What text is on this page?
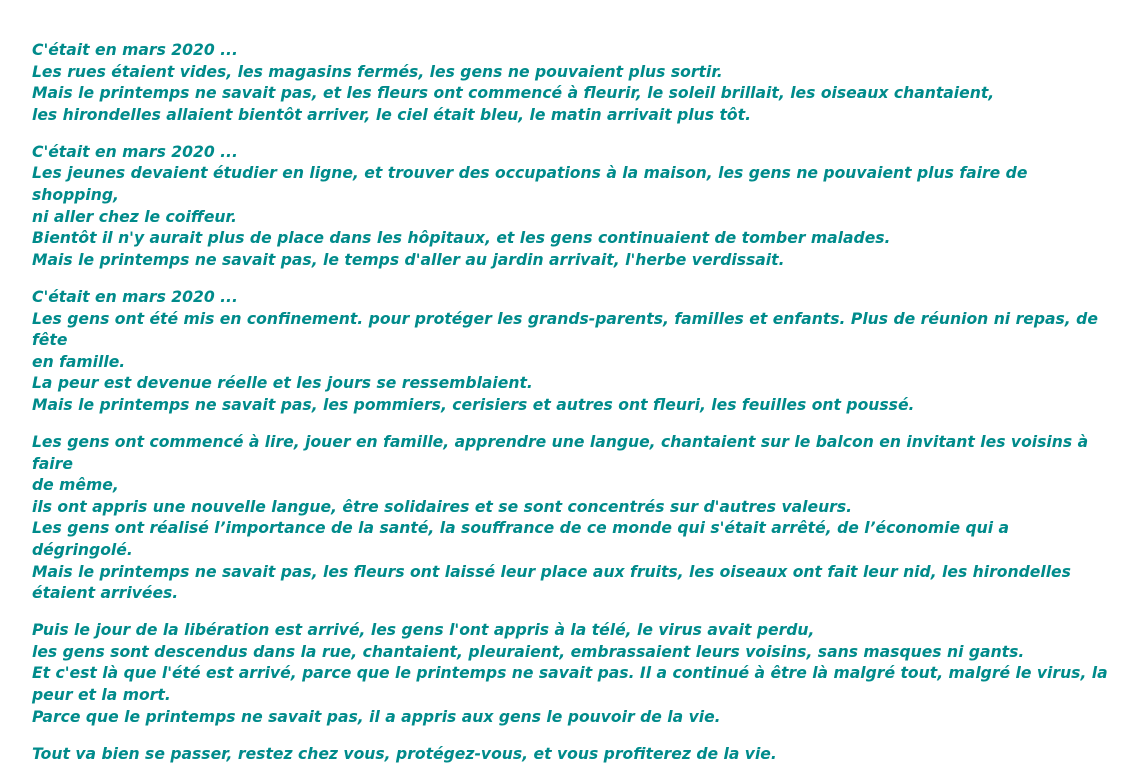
C'était en mars 2020 ...

Les rues étaient vides, les magasins fermés, les gens ne pouvaient plus sortir.

Mais le printemps ne savait pas, et les fleurs ont commencé à fleurir, le soleil brillait, les oiseaux chantaient,

les hirondelles allaient bientôt arriver, le ciel était bleu, le matin arrivait plus tôt.

C'était en mars 2020 ...

Les jeunes devaient étudier en ligne, et trouver des occupations à la maison, les gens ne pouvaient plus faire de shopping,

ni aller chez le coiffeur.

Bientôt il n'y aurait plus de place dans les hôpitaux, et les gens continuaient de tomber malades.

Mais le printemps ne savait pas, le temps d'aller au jardin arrivait, l'herbe verdissait.

C'était en mars 2020 ...

Les gens ont été mis en confinement. pour protéger les grands-parents, familles et enfants. Plus de réunion ni repas, de fête

en famille.

La peur est devenue réelle et les jours se ressemblaient.

Mais le printemps ne savait pas, les pommiers, cerisiers et autres ont fleuri, les feuilles ont poussé.

Les gens ont commencé à lire, jouer en famille, apprendre une langue, chantaient sur le balcon en invitant les voisins à faire

de même,

ils ont appris une nouvelle langue, être solidaires et se sont concentrés sur d'autres valeurs.

Les gens ont réalisé l’importance de la santé, la souffrance de ce monde qui s'était arrêté, de l’économie qui a dégringolé.

Mais le printemps ne savait pas, les fleurs ont laissé leur place aux fruits, les oiseaux ont fait leur nid, les hirondelles

étaient arrivées.

Puis le jour de la libération est arrivé, les gens l'ont appris à la télé, le virus avait perdu,

les gens sont descendus dans la rue, chantaient, pleuraient, embrassaient leurs voisins, sans masques ni gants.

Et c'est là que l'été est arrivé, parce que le printemps ne savait pas. Il a continué à être là malgré tout, malgré le virus, la

peur et la mort.

Parce que le printemps ne savait pas, il a appris aux gens le pouvoir de la vie.

Tout va bien se passer, restez chez vous, protégez-vous, et vous profiterez de la vie.
